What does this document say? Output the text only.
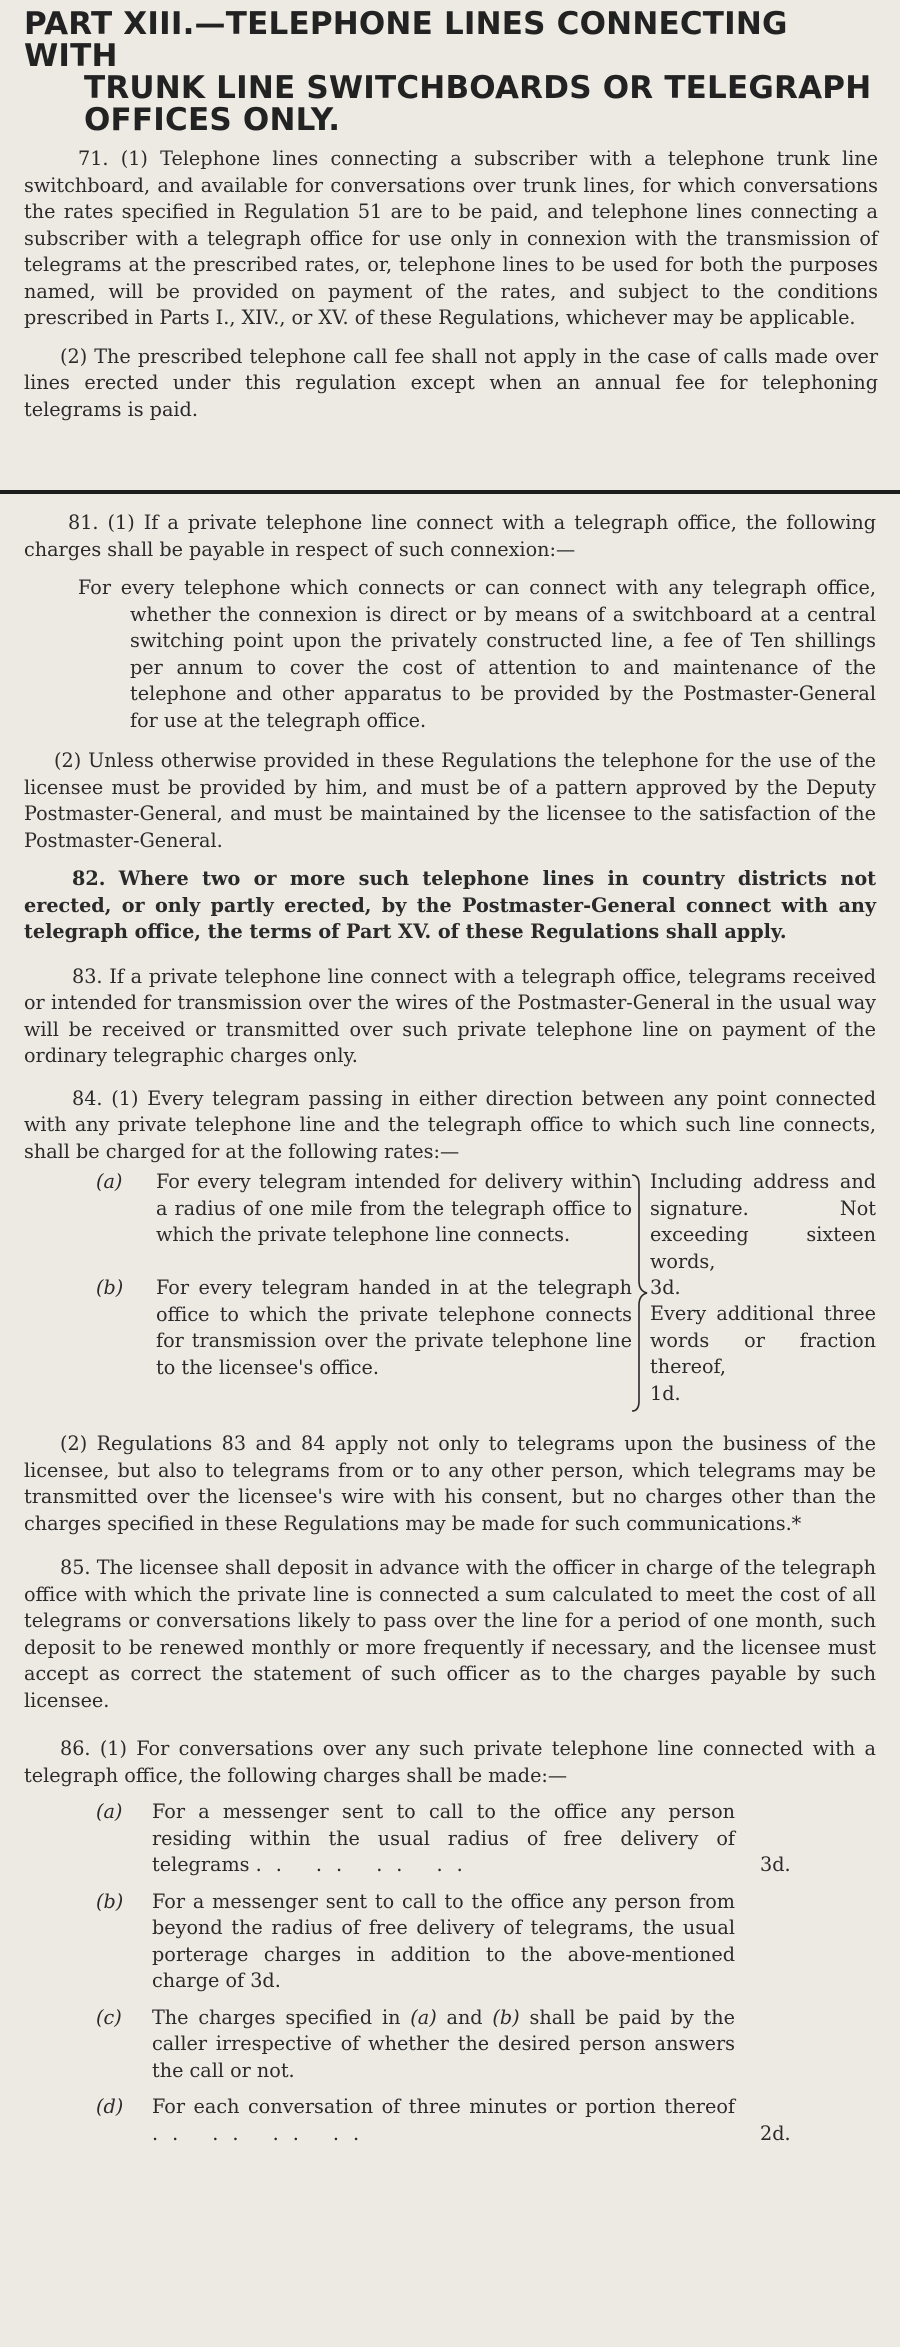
PART XIII.—TELEPHONE LINES CONNECTING WITH
TRUNK LINE SWITCHBOARDS OR TELEGRAPH
OFFICES ONLY.

71. (1) Telephone lines connecting a subscriber with a telephone trunk line switchboard, and available for conversations over trunk lines, for which conversations the rates specified in Regulation 51 are to be paid, and telephone lines connecting a subscriber with a telegraph office for use only in connexion with the transmission of telegrams at the prescribed rates, or, telephone lines to be used for both the purposes named, will be provided on payment of the rates, and subject to the conditions prescribed in Parts I., XIV., or XV. of these Regulations, whichever may be applicable.

(2) The prescribed telephone call fee shall not apply in the case of calls made over lines erected under this regulation except when an annual fee for telephoning telegrams is paid.

81. (1) If a private telephone line connect with a telegraph office, the following charges shall be payable in respect of such connexion:—

For every telephone which connects or can connect with any telegraph office, whether the connexion is direct or by means of a switchboard at a central switching point upon the privately constructed line, a fee of Ten shillings per annum to cover the cost of attention to and maintenance of the telephone and other apparatus to be provided by the Postmaster-General for use at the telegraph office.

(2) Unless otherwise provided in these Regulations the telephone for the use of the licensee must be provided by him, and must be of a pattern approved by the Deputy Postmaster-General, and must be maintained by the licensee to the satisfaction of the Postmaster-General.

82. Where two or more such telephone lines in country districts not erected, or only partly erected, by the Postmaster-General connect with any telegraph office, the terms of Part XV. of these Regulations shall apply.

83. If a private telephone line connect with a telegraph office, telegrams received or intended for transmission over the wires of the Postmaster-General in the usual way will be received or transmitted over such private telephone line on payment of the ordinary telegraphic charges only.

84. (1) Every telegram passing in either direction between any point connected with any private telephone line and the telegraph office to which such line connects, shall be charged for at the following rates:—

(a) For every telegram intended for delivery within a radius of one mile from the telegraph office to which the private telephone line connects.
(b) For every telegram handed in at the telegraph office to which the private telephone connects for transmission over the private telephone line to the licensee's office.
Including address and signature. Not exceeding sixteen words,
3d.
Every additional three words or fraction thereof,
1d.

(2) Regulations 83 and 84 apply not only to telegrams upon the business of the licensee, but also to telegrams from or to any other person, which telegrams may be transmitted over the licensee's wire with his consent, but no charges other than the charges specified in these Regulations may be made for such communications.*

85. The licensee shall deposit in advance with the officer in charge of the telegraph office with which the private line is connected a sum calculated to meet the cost of all telegrams or conversations likely to pass over the line for a period of one month, such deposit to be renewed monthly or more frequently if necessary, and the licensee must accept as correct the statement of such officer as to the charges payable by such licensee.

86. (1) For conversations over any such private telephone line connected with a telegraph office, the following charges shall be made:—

(a) For a messenger sent to call to the office any person residing within the usual radius of free delivery of telegrams .. .. .. ..	3d.
(b) For a messenger sent to call to the office any person from beyond the radius of free delivery of telegrams, the usual porterage charges in addition to the above-mentioned charge of 3d.
(c) The charges specified in (a) and (b) shall be paid by the caller irrespective of whether the desired person answers the call or not.
(d) For each conversation of three minutes or portion thereof .. .. .. ..	2d.
